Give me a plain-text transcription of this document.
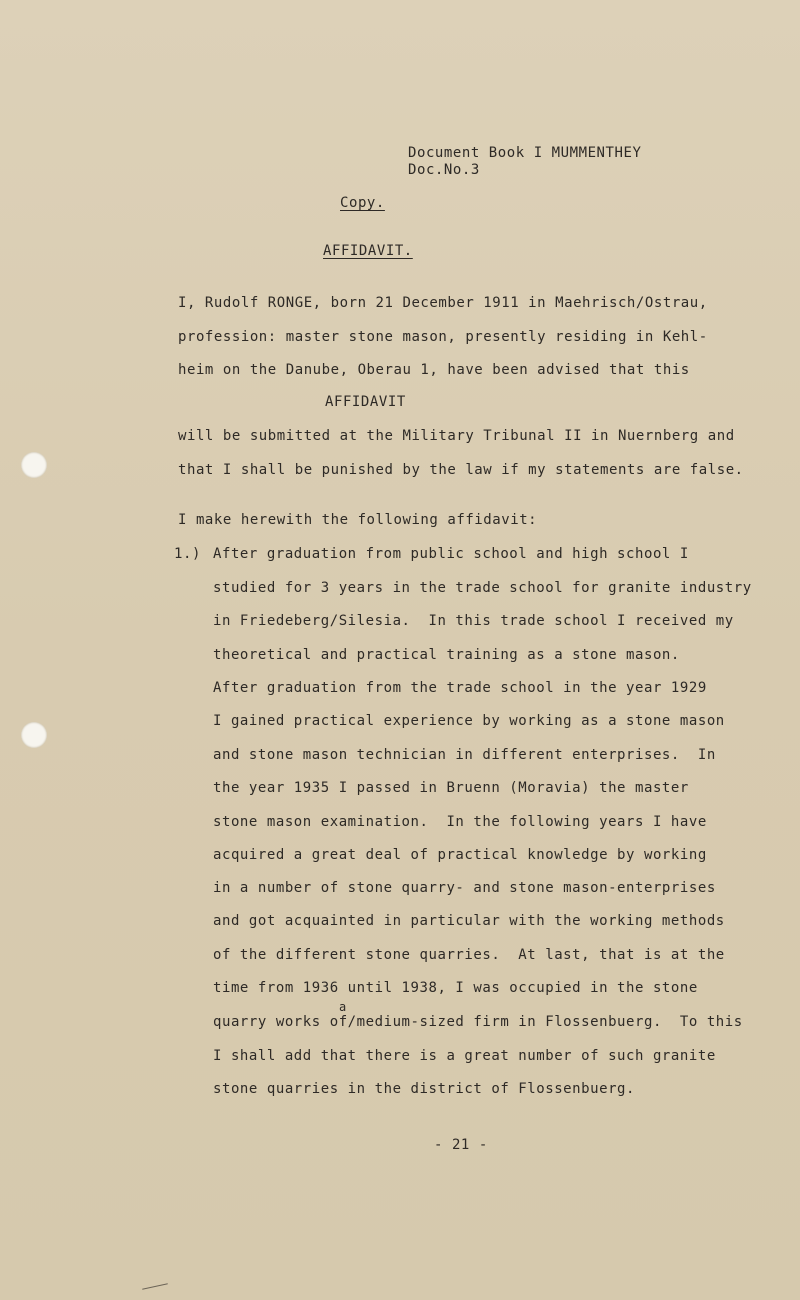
Document Book I MUMMENTHEY
Doc.No.3
Copy.
AFFIDAVIT.
I, Rudolf RONGE, born 21 December 1911 in Maehrisch/Ostrau,
profession: master stone mason, presently residing in Kehl-
heim on the Danube, Oberau 1, have been advised that this
AFFIDAVIT
will be submitted at the Military Tribunal II in Nuernberg and
that I shall be punished by the law if my statements are false.
I make herewith the following affidavit:
1.) After graduation from public school and high school I
studied for 3 years in the trade school for granite industry
in Friedeberg/Silesia.  In this trade school I received my
theoretical and practical training as a stone mason.
After graduation from the trade school in the year 1929
I gained practical experience by working as a stone mason
and stone mason technician in different enterprises.  In
the year 1935 I passed in Bruenn (Moravia) the master
stone mason examination.  In the following years I have
acquired a great deal of practical knowledge by working
in a number of stone quarry- and stone mason-enterprises
and got acquainted in particular with the working methods
of the different stone quarries.  At last, that is at the
time from 1936 until 1938, I was occupied in the stone
a
quarry works of/medium-sized firm in Flossenbuerg.  To this
I shall add that there is a great number of such granite
stone quarries in the district of Flossenbuerg.
- 21 -
